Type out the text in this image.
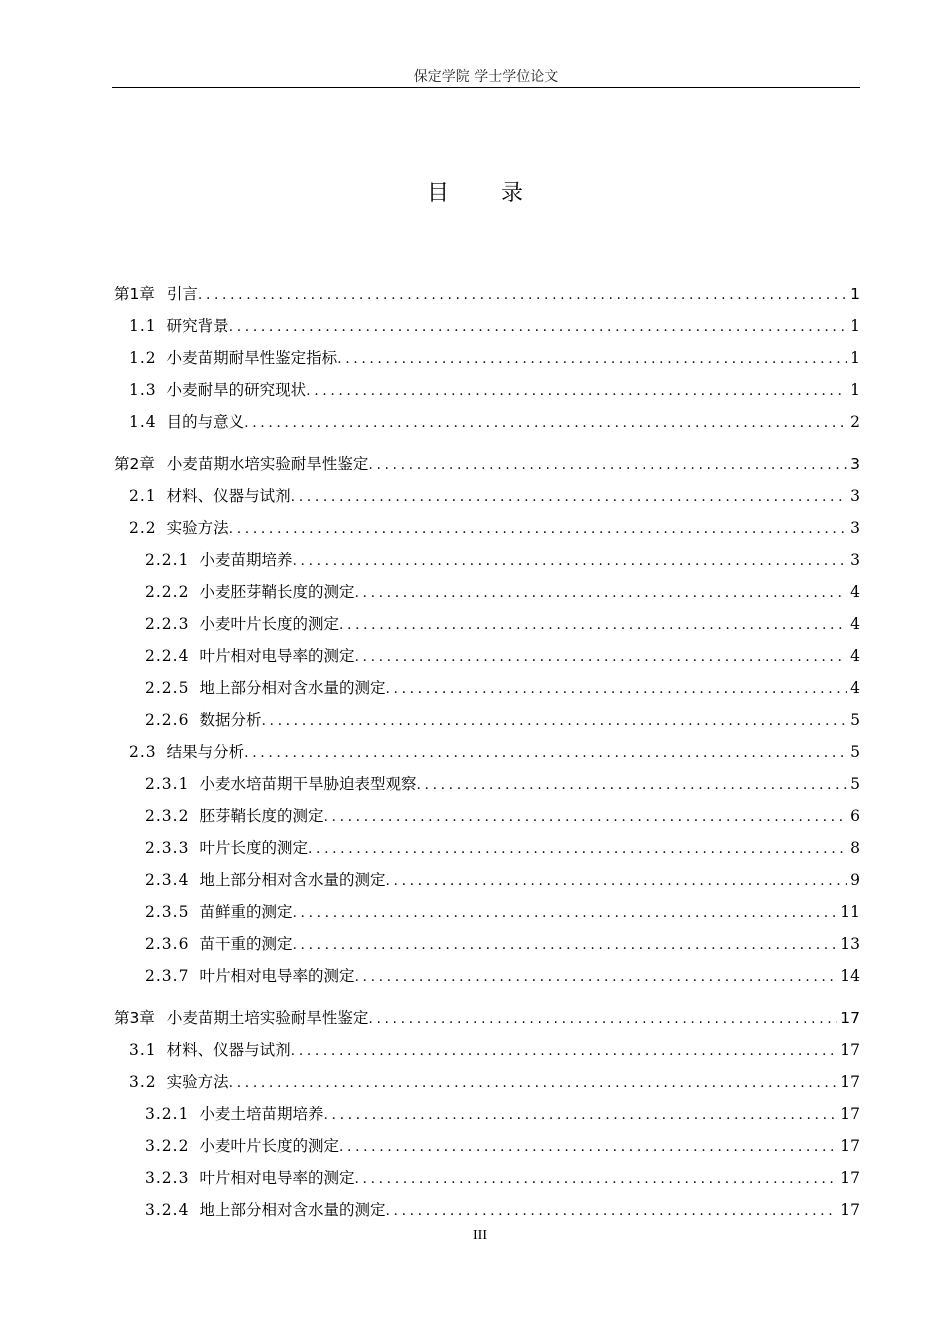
保定学院 学士学位论文
目录
第1章 引言 .....	1
1.1 研究背景 .....	1
1.2 小麦苗期耐旱性鉴定指标 .....	1
1.3 小麦耐旱的研究现状 .....	1
1.4 目的与意义 .....	2
第2章 小麦苗期水培实验耐旱性鉴定 .....	3
2.1 材料、仪器与试剂 .....	3
2.2 实验方法 .....	3
2.2.1 小麦苗期培养 .....	3
2.2.2 小麦胚芽鞘长度的测定 .....	4
2.2.3 小麦叶片长度的测定 .....	4
2.2.4 叶片相对电导率的测定 .....	4
2.2.5 地上部分相对含水量的测定 .....	4
2.2.6 数据分析 .....	5
2.3 结果与分析 .....	5
2.3.1 小麦水培苗期干旱胁迫表型观察 .....	5
2.3.2 胚芽鞘长度的测定 .....	6
2.3.3 叶片长度的测定 .....	8
2.3.4 地上部分相对含水量的测定 .....	9
2.3.5 苗鲜重的测定 .....	11
2.3.6 苗干重的测定 .....	13
2.3.7 叶片相对电导率的测定 .....	14
第3章 小麦苗期土培实验耐旱性鉴定 .....	17
3.1 材料、仪器与试剂 .....	17
3.2 实验方法 .....	17
3.2.1 小麦土培苗期培养 .....	17
3.2.2 小麦叶片长度的测定 .....	17
3.2.3 叶片相对电导率的测定 .....	17
3.2.4 地上部分相对含水量的测定 .....	17
III
